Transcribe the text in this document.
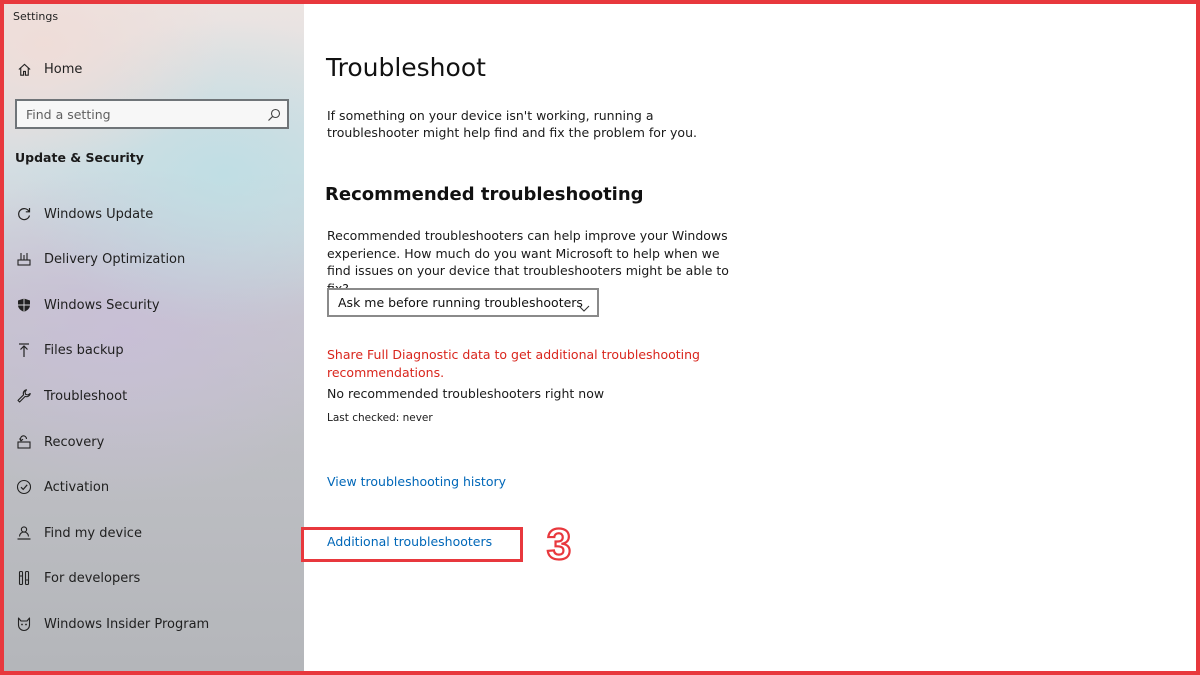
Settings
Home
Find a setting
Update & Security
Windows Update
Delivery Optimization
Windows Security
Files backup
Troubleshoot
Recovery
Activation
Find my device
For developers
Windows Insider Program
Troubleshoot

If something on your device isn't working, running a troubleshooter might help find and fix the problem for you.

Recommended troubleshooting

Recommended troubleshooters can help improve your Windows experience. How much do you want Microsoft to help when we find issues on your device that troubleshooters might be able to

Ask me before running troubleshooters
Share Full Diagnostic data to get additional troubleshooting recommendations.
No recommended troubleshooters right now
Last checked: never
View troubleshooting history
Additional troubleshooters 3
